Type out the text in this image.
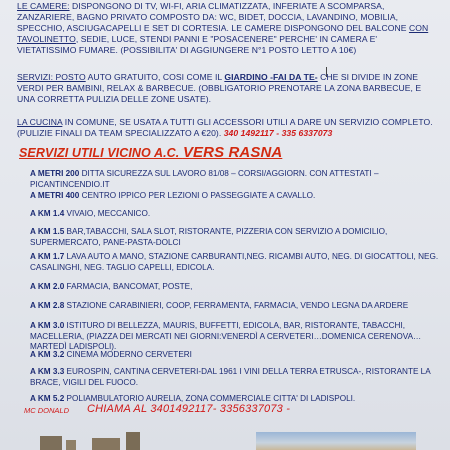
LE CAMERE: DISPONGONO DI TV, WI-FI, ARIA CLIMATIZZATA, INFERIATE A SCOMPARSA, ZANZARIERE, BAGNO PRIVATO COMPOSTO DA: WC, BIDET, DOCCIA, LAVANDINO, MOBILIA, SPECCHIO, ASCIUGACAPELLI E SET DI CORTESIA. LE CAMERE DISPONGONO DEL BALCONE CON TAVOLINETTO, SEDIE, LUCE, STENDI PANNI E "POSACENERE" PERCHE' IN CAMERA E' VIETATISSIMO FUMARE. (POSSIBILITA' DI AGGIUNGERE N°1 POSTO LETTO A 10€)
SERVIZI: POSTO AUTO GRATUITO, COSI COME IL GIARDINO -FAI DA TE- CHE SI DIVIDE IN ZONE VERDI PER BAMBINI, RELAX & BARBECUE. (OBBLIGATORIO PRENOTARE LA ZONA BARBECUE, E UNA CORRETTA PULIZIA DELLE ZONE USATE).
LA CUCINA IN COMUNE, SE USATA A TUTTI GLI ACCESSORI UTILI A DARE UN SERVIZIO COMPLETO. (PULIZIE FINALI DA TEAM SPECIALIZZATO A €20). 340 1492117 - 335 6337073
SERVIZI UTILI VICINO A.C. VERS RASNA
A METRI 200 DITTA SICUREZZA SUL LAVORO 81/08 – CORSI/AGGIORN. CON ATTESTATI – PICANTINCENDIO.IT
A METRI 400 CENTRO IPPICO PER LEZIONI O PASSEGGIATE A CAVALLO.
A KM 1.4 VIVAIO, MECCANICO.
A KM 1.5 BAR,TABACCHI, SALA SLOT, RISTORANTE, PIZZERIA CON SERVIZIO A DOMICILIO, SUPERMERCATO, PANE-PASTA-DOLCI
A KM 1.7 LAVA AUTO A MANO, STAZIONE CARBURANTI,NEG. RICAMBI AUTO, NEG. DI GIOCATTOLI, NEG. CASALINGHI, NEG. TAGLIO CAPELLI, EDICOLA.
A KM 2.0 FARMACIA, BANCOMAT, POSTE,
A KM 2.8 STAZIONE CARABINIERI, COOP, FERRAMENTA, FARMACIA, VENDO LEGNA DA ARDERE
A KM 3.0 ISTITURO DI BELLEZZA, MAURIS, BUFFETTI, EDICOLA, BAR, RISTORANTE, TABACCHI, MACELLERIA, (PIAZZA DEI MERCATI NEI GIORNI:VENERDÌ A CERVETERI…DOMENICA CERENOVA…MARTEDÌ LADISPOLI).
A KM 3.2 CINEMA MODERNO CERVETERI
A KM 3.3 EUROSPIN, CANTINA CERVETERI-DAL 1961 I VINI DELLA TERRA ETRUSCA-, RISTORANTE LA BRACE, VIGILI DEL FUOCO.
A KM 5.2 POLIAMBULATORIO AURELIA, ZONA COMMERCIALE CITTA' DI LADISPOLI.
MC DONALD CHIAMA AL 3401492117- 3356337073 -
